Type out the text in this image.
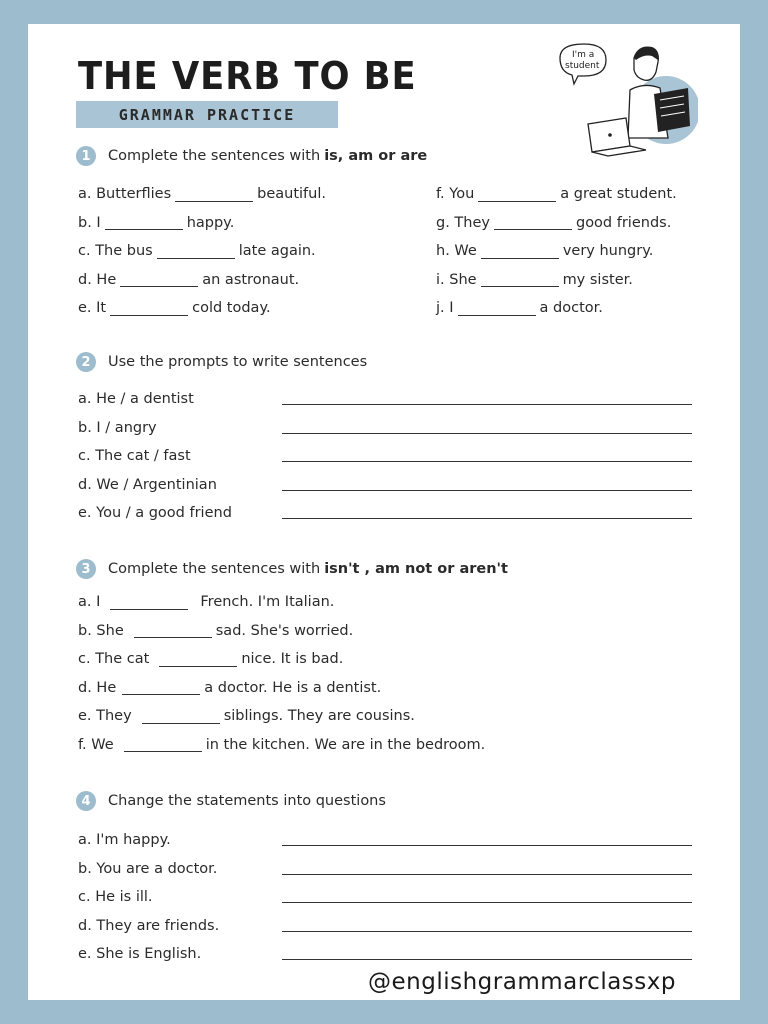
THE VERB TO BE
GRAMMAR PRACTICE
I'm a
student
1	Complete the sentences with is, am or are
a. Butterflies	beautiful.
b. I	happy.
c. The bus	late again.
d. He	an astronaut.
e. It	cold today.
f. You	a great student.
g. They	good friends.
h. We	very hungry.
i. She	my sister.
j. I	a doctor.
2	Use the prompts to write sentences
a. He / a dentist
b. I / angry
c. The cat / fast
d. We / Argentinian
e. You / a good friend
3	Complete the sentences with isn't , am not or aren't
a. I	French. I'm Italian.
b. She	sad. She's worried.
c. The cat	nice. It is bad.
d. He	a doctor. He is a dentist.
e. They	siblings. They are cousins.
f. We	in the kitchen. We are in the bedroom.
4	Change the statements into questions
a. I'm happy.
b. You are a doctor.
c. He is ill.
d. They are friends.
e. She is English.
@englishgrammarclassxp
